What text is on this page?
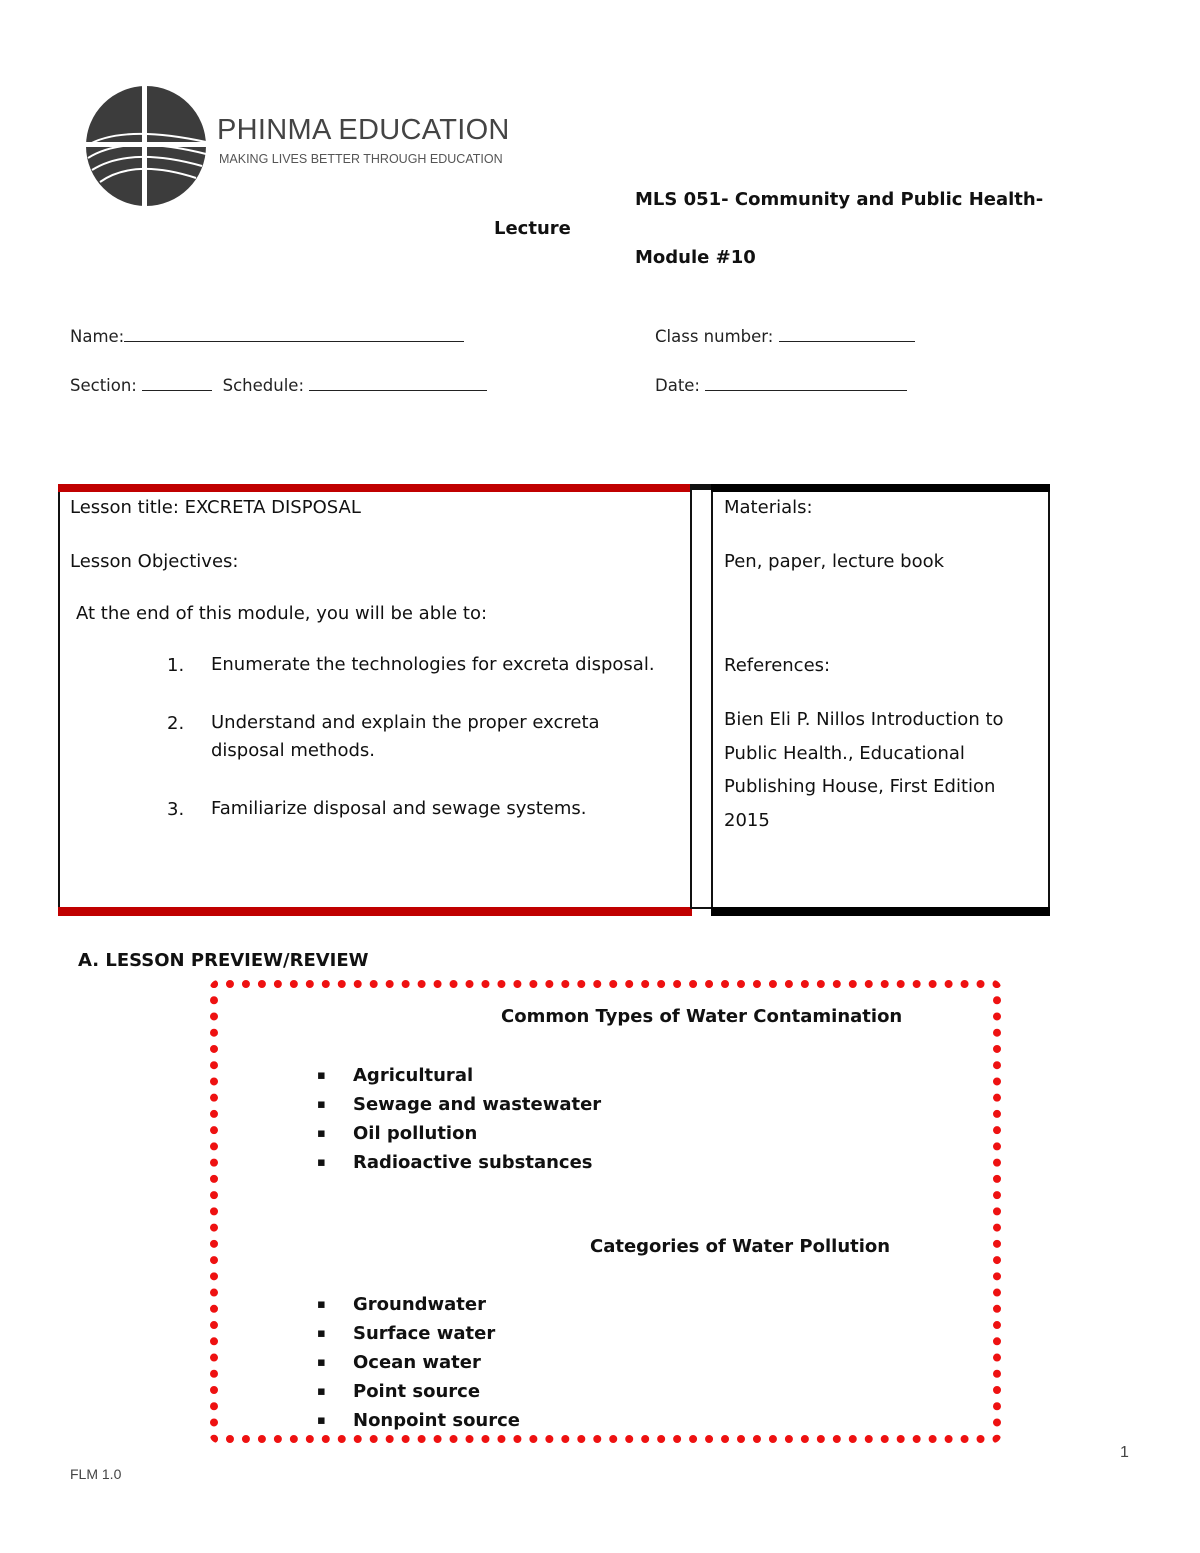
PHINMA EDUCATION
MAKING LIVES BETTER THROUGH EDUCATION
MLS 051- Community and Public Health-
Lecture
Module #10
Name:	Class number:
Section:	Schedule:	Date:
Lesson title: EXCRETA DISPOSAL
Lesson Objectives:
At the end of this module, you will be able to:
1. Enumerate the technologies for excreta disposal.
2. Understand and explain the proper excreta disposal methods.
3. Familiarize disposal and sewage systems.
Materials:
Pen, paper, lecture book
References:
Bien Eli P. Nillos Introduction to Public Health., Educational Publishing House, First Edition 2015
A. LESSON PREVIEW/REVIEW
Common Types of Water Contamination
▪ Agricultural
▪ Sewage and wastewater
▪ Oil pollution
▪ Radioactive substances
Categories of Water Pollution
▪ Groundwater
▪ Surface water
▪ Ocean water
▪ Point source
▪ Nonpoint source
FLM 1.0
1
